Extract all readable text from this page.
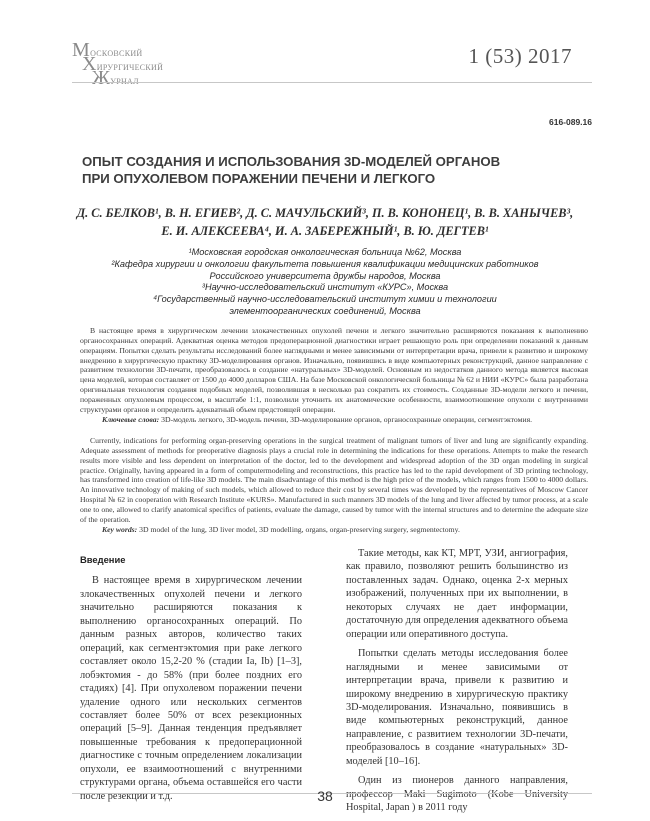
Московский
Хирургический
Журнал
1 (53) 2017
616-089.16
ОПЫТ СОЗДАНИЯ И ИСПОЛЬЗОВАНИЯ 3D-МОДЕЛЕЙ ОРГАНОВ
ПРИ ОПУХОЛЕВОМ ПОРАЖЕНИИ ПЕЧЕНИ И ЛЕГКОГО
Д. С. БЕЛКОВ¹, В. Н. ЕГИЕВ², Д. С. МАЧУЛЬСКИЙ³, П. В. КОНОНЕЦ¹, В. В. ХАНЫЧЕВ³,
Е. И. АЛЕКСЕЕВА⁴, И. А. ЗАБЕРЕЖНЫЙ¹, В. Ю. ДЕГТЕВ¹
¹Московская городская онкологическая больница №62, Москва
²Кафедра хирургии и онкологии факультета повышения квалификации медицинских работников
Российского университета дружбы народов, Москва
³Научно-исследовательский институт «КУРС», Москва
⁴Государственный научно-исследовательский институт химии и технологии
элементоорганических соединений, Москва

В настоящее время в хирургическом лечении злокачественных опухолей печени и легкого значительно расширяются показания к выполнению органосохранных операций. Адекватная оценка методов предоперационной диагностики играет решающую роль при определении показаний к данным операциям. Попытки сделать результаты исследований более наглядными и менее зависимыми от интерпретации врача, привели к развитию и широкому внедрению в хирургическую практику 3D-моделирования органов. Изначально, появившись в виде компьютерных реконструкций, данное направление с развитием технологии 3D-печати, преобразовалось в создание «натуральных» 3D-моделей. Основным из недостатков данного метода является высокая цена моделей, которая составляет от 1500 до 4000 долларов США. На базе Московской онкологической больницы № 62 и НИИ «КУРС» была разработана оригинальная технология создания подобных моделей, позволившая в несколько раз сократить их стоимость. Созданные 3D-модели легкого и печени, пораженных опухолевым процессом, в масштабе 1:1, позволили уточнить их анатомические особенности, взаимоотношение опухоли с внутренними структурами органов и определить адекватный объем предстоящей операции.

Ключевые слова: 3D-модель легкого, 3D-модель печени, 3D-моделирование органов, органосохранные операции, сегментэктомия.

Currently, indications for performing organ-preserving operations in the surgical treatment of malignant tumors of liver and lung are significantly expanding. Adequate assessment of methods for preoperative diagnosis plays a crucial role in determining the indications for these operations. Attempts to make the research results more visible and less dependent on interpretation of the doctor, led to the development and widespread adoption of the 3D organ modeling in surgical practice. Originally, having appeared in a form of computermodeling and reconstructions, this practice has led to the rapid development of 3D printing technology, has transformed into creation of life-like 3D models. The main disadvantage of this method is the high price of the models, which ranges from 1500 to 4000 dollars. An innovative technology of making of such models, which allowed to reduce their cost by several times was developed by the representatives of Moscow Cancer Hospital № 62 in cooperation with Research Institute «KURS». Manufactured in such manners 3D models of the lung and liver affected by tumor process, at a scale one to one, allowed to clarify anatomical specifics of patients, evaluate the damage, caused by tumor with the internal structures and to determine the adequate size of the operation.

Key words: 3D model of the lung, 3D liver model, 3D modelling, organs, organ-preserving surgery, segmentectomy.

Введение

В настоящее время в хирургическом лечении злокачественных опухолей печени и легкого значительно расширяются показания к выполнению органосохранных операций. По данным разных авторов, количество таких операций, как сегментэктомия при раке легкого составляет около 15,2-20 % (стадии Ia, Ib) [1–3], лобэктомия - до 58% (при более поздних его стадиях) [4]. При опухолевом поражении печени удаление одного или нескольких сегментов составляет более 50% от всех резекционных операций [5–9]. Данная тенденция предъявляет повышенные требования к предоперационной диагностике с точным определением локализации опухоли, ее взаимоотношений с внутренними структурами органа, объема оставшейся его части после резекции и т.д.

Такие методы, как КТ, МРТ, УЗИ, ангиография, как правило, позволяют решить большинство из поставленных задач. Однако, оценка 2-х мерных изображений, полученных при их выполнении, в некоторых случаях не дает информации, достаточную для определения адекватного объема операции или оперативного доступа.

Попытки сделать методы исследования более наглядными и менее зависимыми от интерпретации врача, привели к развитию и широкому внедрению в хирургическую практику 3D-моделирования. Изначально, появившись в виде компьютерных реконструкций, данное направление, с развитием технологии 3D-печати, преобразовалось в создание «натуральных» 3D-моделей [10–16].

Один из пионеров данного направления, профессор Maki Sugimoto (Kobe University Hospital, Japan ) в 2011 году

38
